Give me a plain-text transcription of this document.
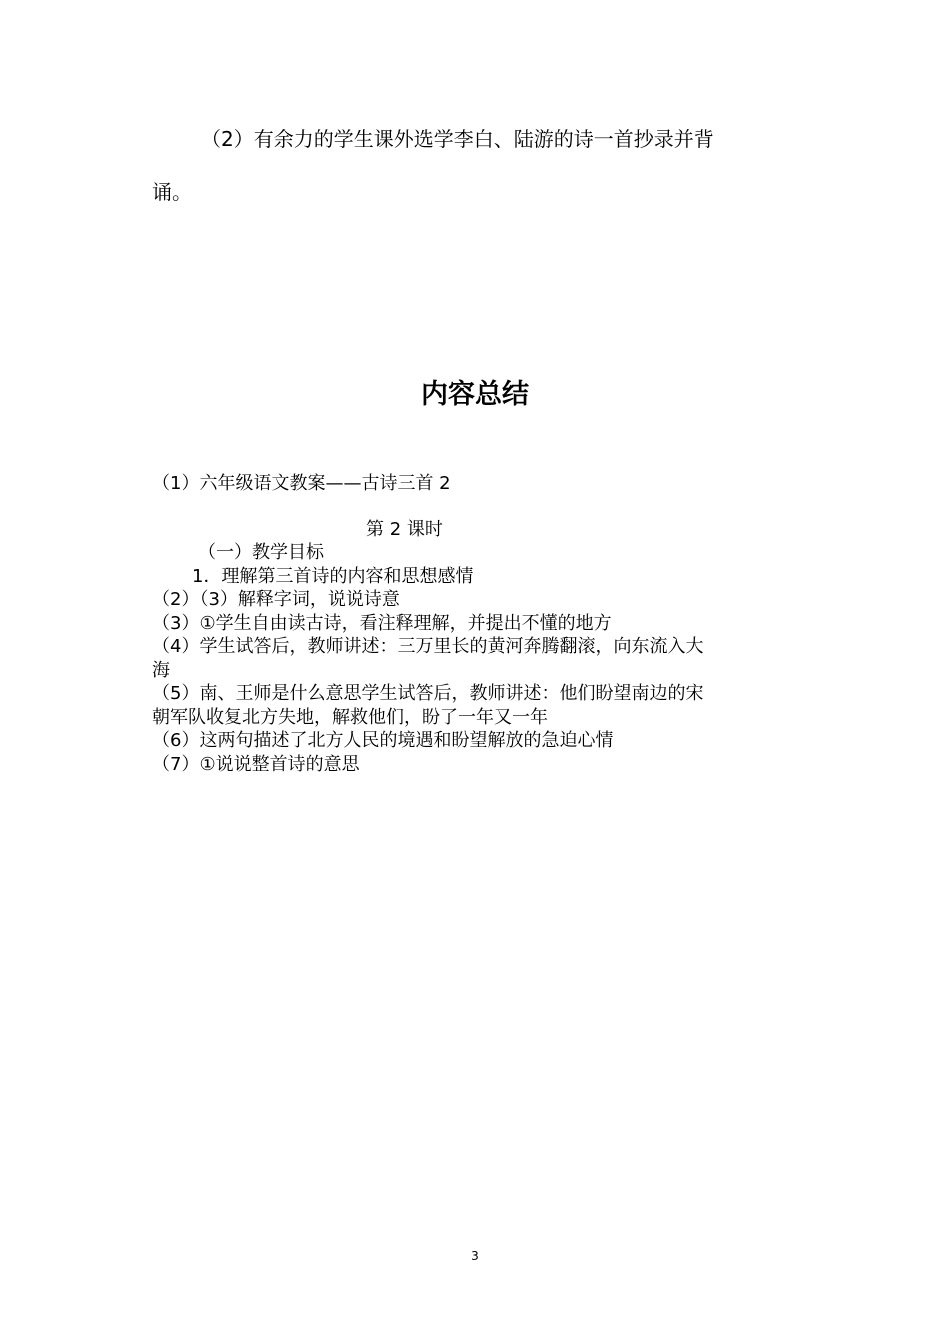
（2）有余力的学生课外选学李白、陆游的诗一首抄录并背

诵。

内容总结

（1）六年级语文教案——古诗三首 2

第 2 课时

（一）教学目标

1．理解第三首诗的内容和思想感情

（2）（3）解释字词，说说诗意

（3）①学生自由读古诗，看注释理解，并提出不懂的地方

（4）学生试答后，教师讲述：三万里长的黄河奔腾翻滚，向东流入大

海

（5）南、王师是什么意思学生试答后，教师讲述：他们盼望南边的宋

朝军队收复北方失地，解救他们，盼了一年又一年

（6）这两句描述了北方人民的境遇和盼望解放的急迫心情

（7）①说说整首诗的意思

3
